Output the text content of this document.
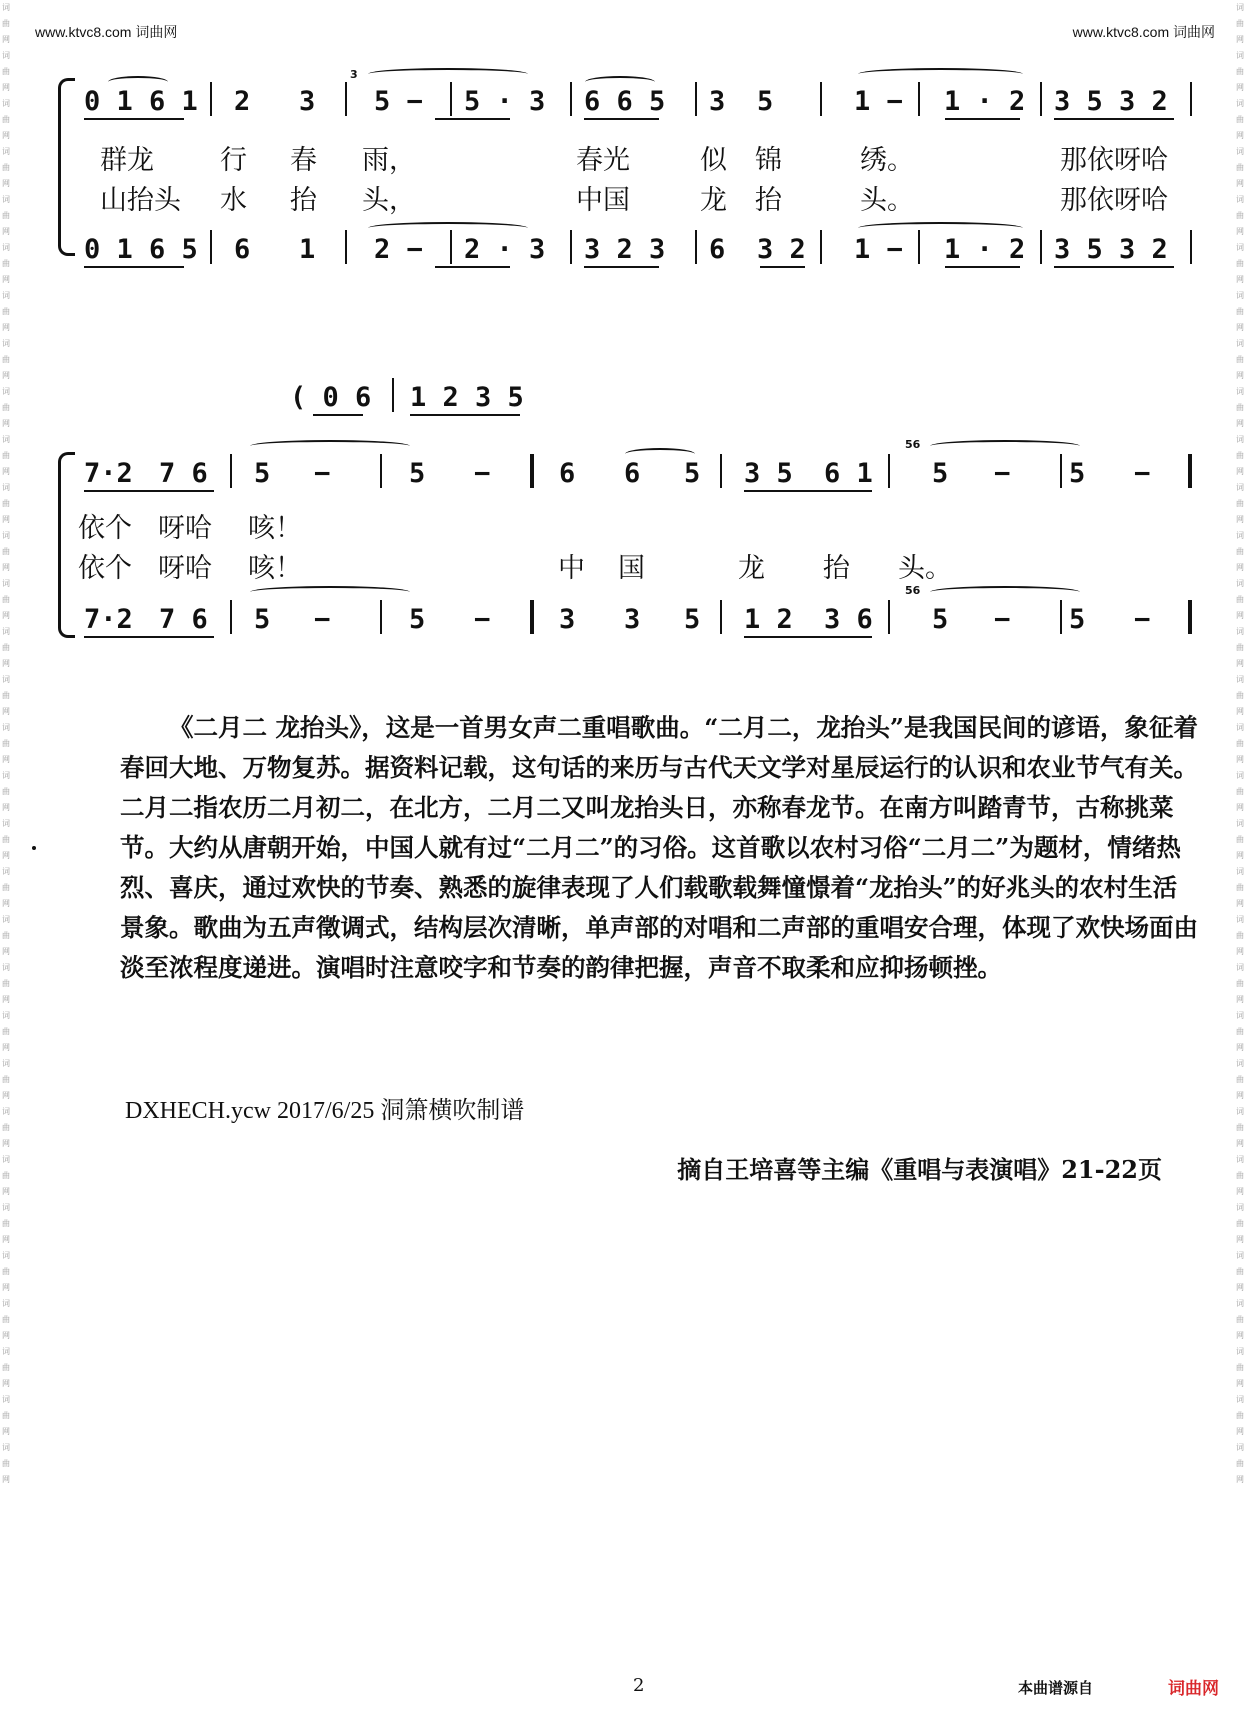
www.ktvc8.com 词曲网	www.ktvc8.com 词曲网
词曲网词曲网词曲网词曲网词曲网词曲网词曲网词曲网词曲网词曲网词曲网词曲网词曲网词曲网词曲网词曲网词曲网词曲网词曲网词曲网词曲网词曲网词曲网词曲网词曲网词曲网词曲网词曲网词曲网词曲网词曲网
词曲网词曲网词曲网词曲网词曲网词曲网词曲网词曲网词曲网词曲网词曲网词曲网词曲网词曲网词曲网词曲网词曲网词曲网词曲网词曲网词曲网词曲网词曲网词曲网词曲网词曲网词曲网词曲网词曲网词曲网词曲网
0 1 6 1 2 3 5 − 5 · 3 6 6 5 3 5	1 − 1 · 2 3 5 3 2
3
群龙 行 春 雨，	春光	似 锦	绣。	那依呀哈
山抬头 水 抬 头，	中国	龙 抬	头。	那依呀哈
0 1 6 5 6 1 2 − 2 · 3 3 2 3 6 3 2 1 − 1 · 2 3 5 3 2
( 0 6 1 2 3 5
7·2 7 6 5 −	5 −	6 6 5 3 5 6 1 5 − 5 −
56
依个 呀哈 咳！
依个 呀哈 咳！	中 国	龙 抬 头。
7·2 7 6 5 −	5 −	3 3 5 1 2 3 6 5 − 5 −
56
《二月二 龙抬头》，这是一首男女声二重唱歌曲。“二月二，龙抬头”是我国民间的谚语，象征着春回大地、万物复苏。据资料记载，这句话的来历与古代天文学对星辰运行的认识和农业节气有关。二月二指农历二月初二，在北方，二月二又叫龙抬头日，亦称春龙节。在南方叫踏青节，古称挑菜节。大约从唐朝开始，中国人就有过“二月二”的习俗。这首歌以农村习俗“二月二”为题材，情绪热烈、喜庆，通过欢快的节奏、熟悉的旋律表现了人们载歌载舞憧憬着“龙抬头”的好兆头的农村生活景象。歌曲为五声徵调式，结构层次清晰，单声部的对唱和二声部的重唱安合理，体现了欢快场面由淡至浓程度递进。演唱时注意咬字和节奏的韵律把握，声音不取柔和应抑扬顿挫。
DXHECH.ycw 2017/6/25 洞箫横吹制谱
摘自王培喜等主编《重唱与表演唱》21-22页
2	本曲谱源自	词曲网
